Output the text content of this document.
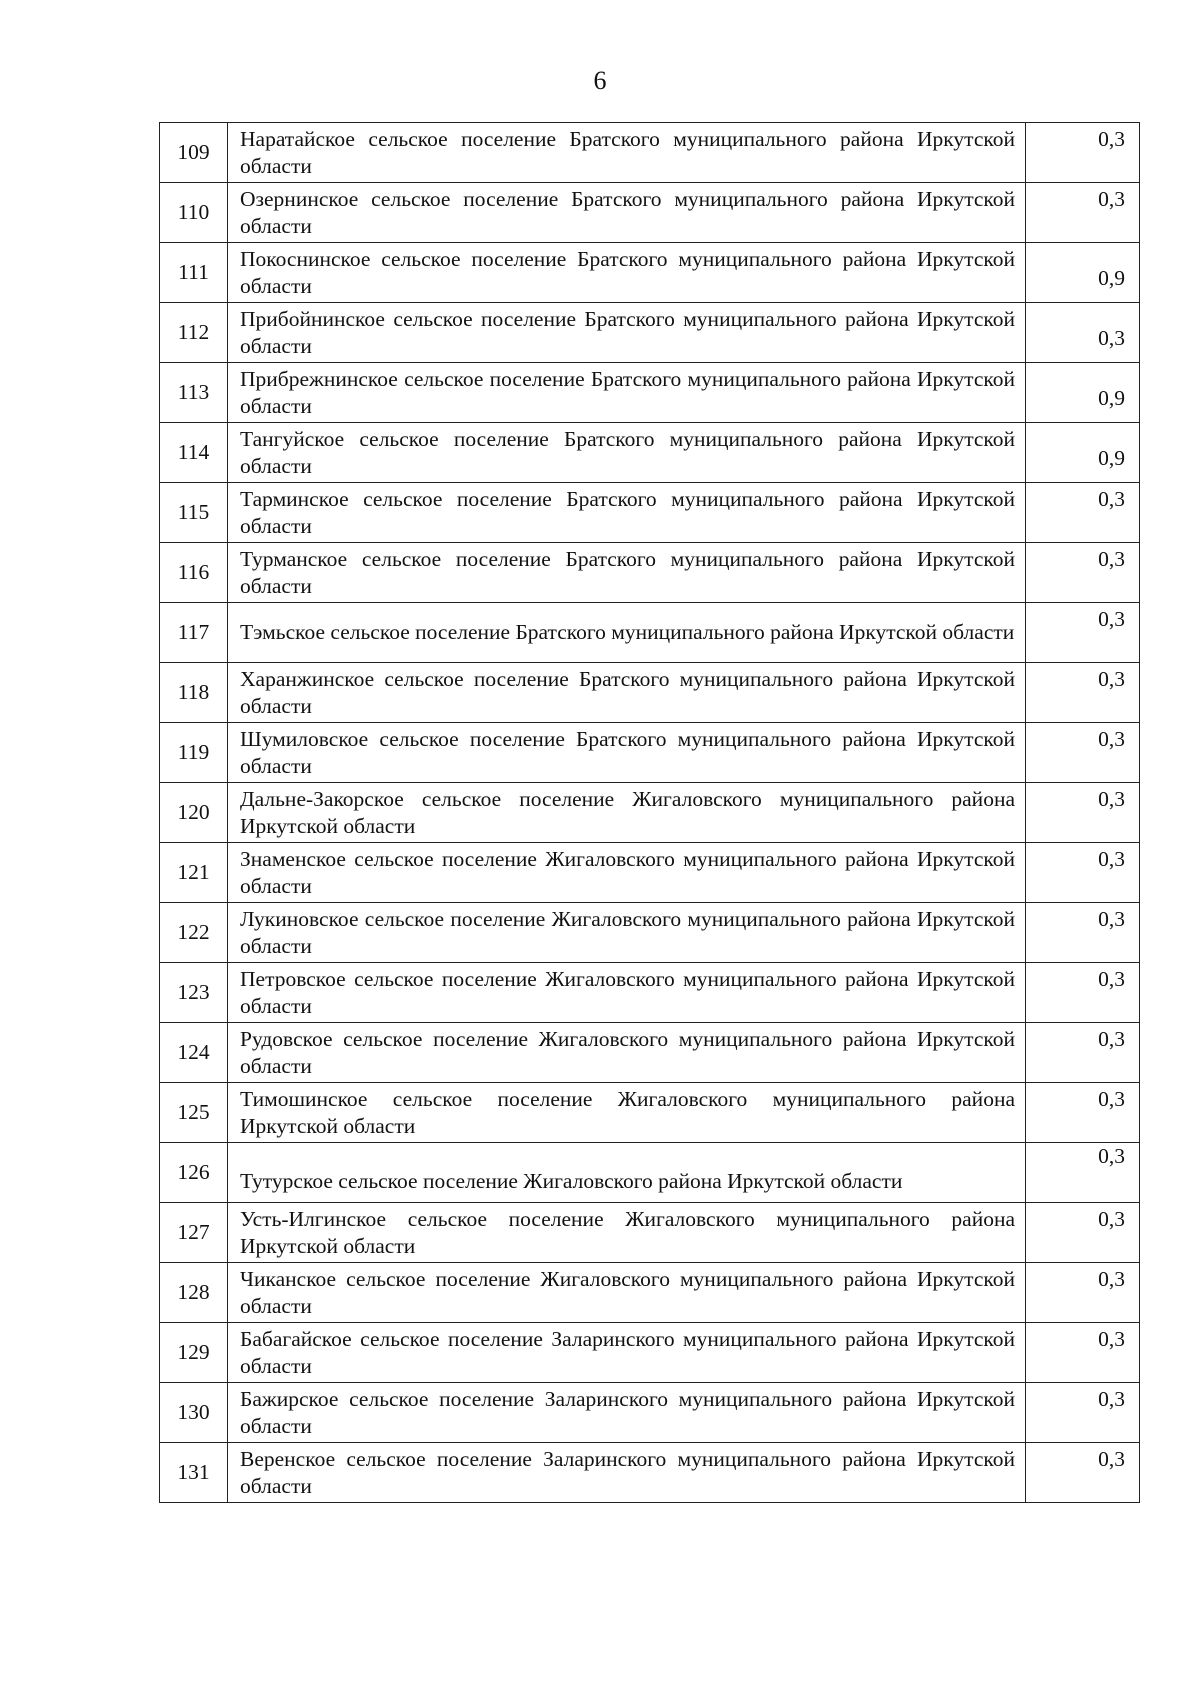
6
109	Наратайское сельское поселение Братского муниципального района Иркутской области	0,3
110	Озернинское сельское поселение Братского муниципального района Иркутской области	0,3
111	Покоснинское сельское поселение Братского муниципального района Иркутской области	0,9
112	Прибойнинское сельское поселение Братского муниципального района Иркутской области	0,3
113	Прибрежнинское сельское поселение Братского муниципального района Иркутской области	0,9
114	Тангуйское сельское поселение Братского муниципального района Иркутской области	0,9
115	Тарминское сельское поселение Братского муниципального района Иркутской области	0,3
116	Турманское сельское поселение Братского муниципального района Иркутской области	0,3
117	Тэмьское сельское поселение Братского муниципального района Иркутской области	0,3
118	Харанжинское сельское поселение Братского муниципального района Иркутской области	0,3
119	Шумиловское сельское поселение Братского муниципального района Иркутской области	0,3
120	Дальне-Закорское сельское поселение Жигаловского муниципального района Иркутской области	0,3
121	Знаменское сельское поселение Жигаловского муниципального района Иркутской области	0,3
122	Лукиновское сельское поселение Жигаловского муниципального района Иркутской области	0,3
123	Петровское сельское поселение Жигаловского муниципального района Иркутской области	0,3
124	Рудовское сельское поселение Жигаловского муниципального района Иркутской области	0,3
125	Тимошинское сельское поселение Жигаловского муниципального района Иркутской области	0,3
126	Тутурское сельское поселение Жигаловского района Иркутской области	0,3
127	Усть-Илгинское сельское поселение Жигаловского муниципального района Иркутской области	0,3
128	Чиканское сельское поселение Жигаловского муниципального района Иркутской области	0,3
129	Бабагайское сельское поселение Заларинского муниципального района Иркутской области	0,3
130	Бажирское сельское поселение Заларинского муниципального района Иркутской области	0,3
131	Веренское сельское поселение Заларинского муниципального района Иркутской области	0,3
